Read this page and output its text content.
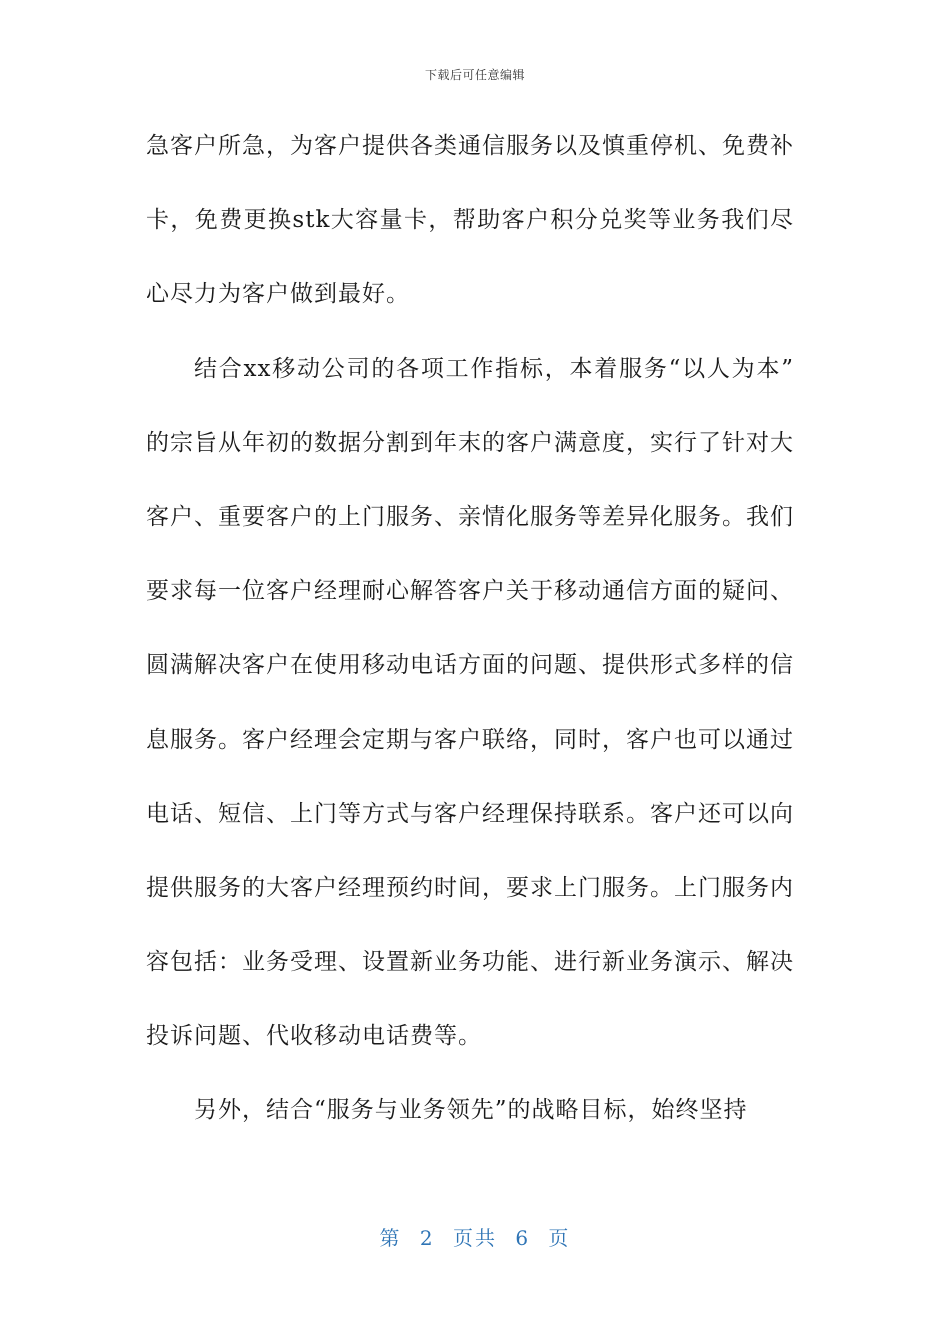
下载后可任意编辑
急客户所急，为客户提供各类通信服务以及慎重停机、免费补
卡，免费更换stk大容量卡，帮助客户积分兑奖等业务我们尽
心尽力为客户做到最好。
结合xx移动公司的各项工作指标，本着服务“以人为本”
的宗旨从年初的数据分割到年末的客户满意度，实行了针对大
客户、重要客户的上门服务、亲情化服务等差异化服务。我们
要求每一位客户经理耐心解答客户关于移动通信方面的疑问、
圆满解决客户在使用移动电话方面的问题、提供形式多样的信
息服务。客户经理会定期与客户联络，同时，客户也可以通过
电话、短信、上门等方式与客户经理保持联系。客户还可以向
提供服务的大客户经理预约时间，要求上门服务。上门服务内
容包括：业务受理、设置新业务功能、进行新业务演示、解决
投诉问题、代收移动电话费等。
另外，结合“服务与业务领先”的战略目标，始终坚持
第 2 页共 6 页
